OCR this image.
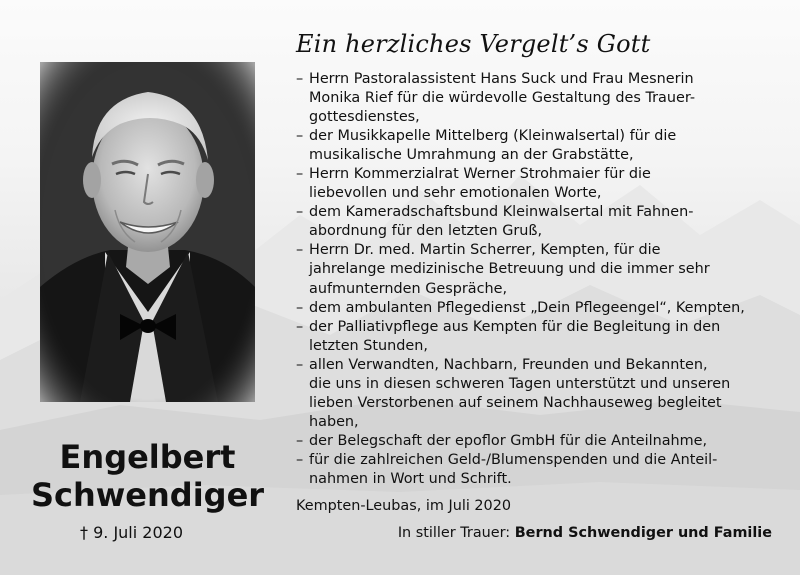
Engelbert
Schwendiger
† 9. Juli 2020
Ein herzliches Vergelt’s Gott
Herrn Pastoralassistent Hans Suck und Frau Mesnerin
–
Monika Rief für die würdevolle Gestaltung des Trauer-
gottesdienstes,
der Musikkapelle Mittelberg (Kleinwalsertal) für die
–
musikalische Umrahmung an der Grabstätte,
Herrn Kommerzialrat Werner Strohmaier für die
–
liebevollen und sehr emotionalen Worte,
dem Kameradschaftsbund Kleinwalsertal mit Fahnen-
–
abordnung für den letzten Gruß,
Herrn Dr. med. Martin Scherrer, Kempten, für die
–
jahrelange medizinische Betreuung und die immer sehr
aufmunternden Gespräche,
dem ambulanten Pflegedienst „Dein Pflegeengel“, Kempten,
–
der Palliativpflege aus Kempten für die Begleitung in den
–
letzten Stunden,
allen Verwandten, Nachbarn, Freunden und Bekannten,
–
die uns in diesen schweren Tagen unterstützt und unseren
lieben Verstorbenen auf seinem Nachhauseweg begleitet
haben,
der Belegschaft der epoflor GmbH für die Anteilnahme,
–
für die zahlreichen Geld-/Blumenspenden und die Anteil-
–
nahmen in Wort und Schrift.
Kempten-Leubas, im Juli 2020
In stiller Trauer: Bernd Schwendiger und Familie
